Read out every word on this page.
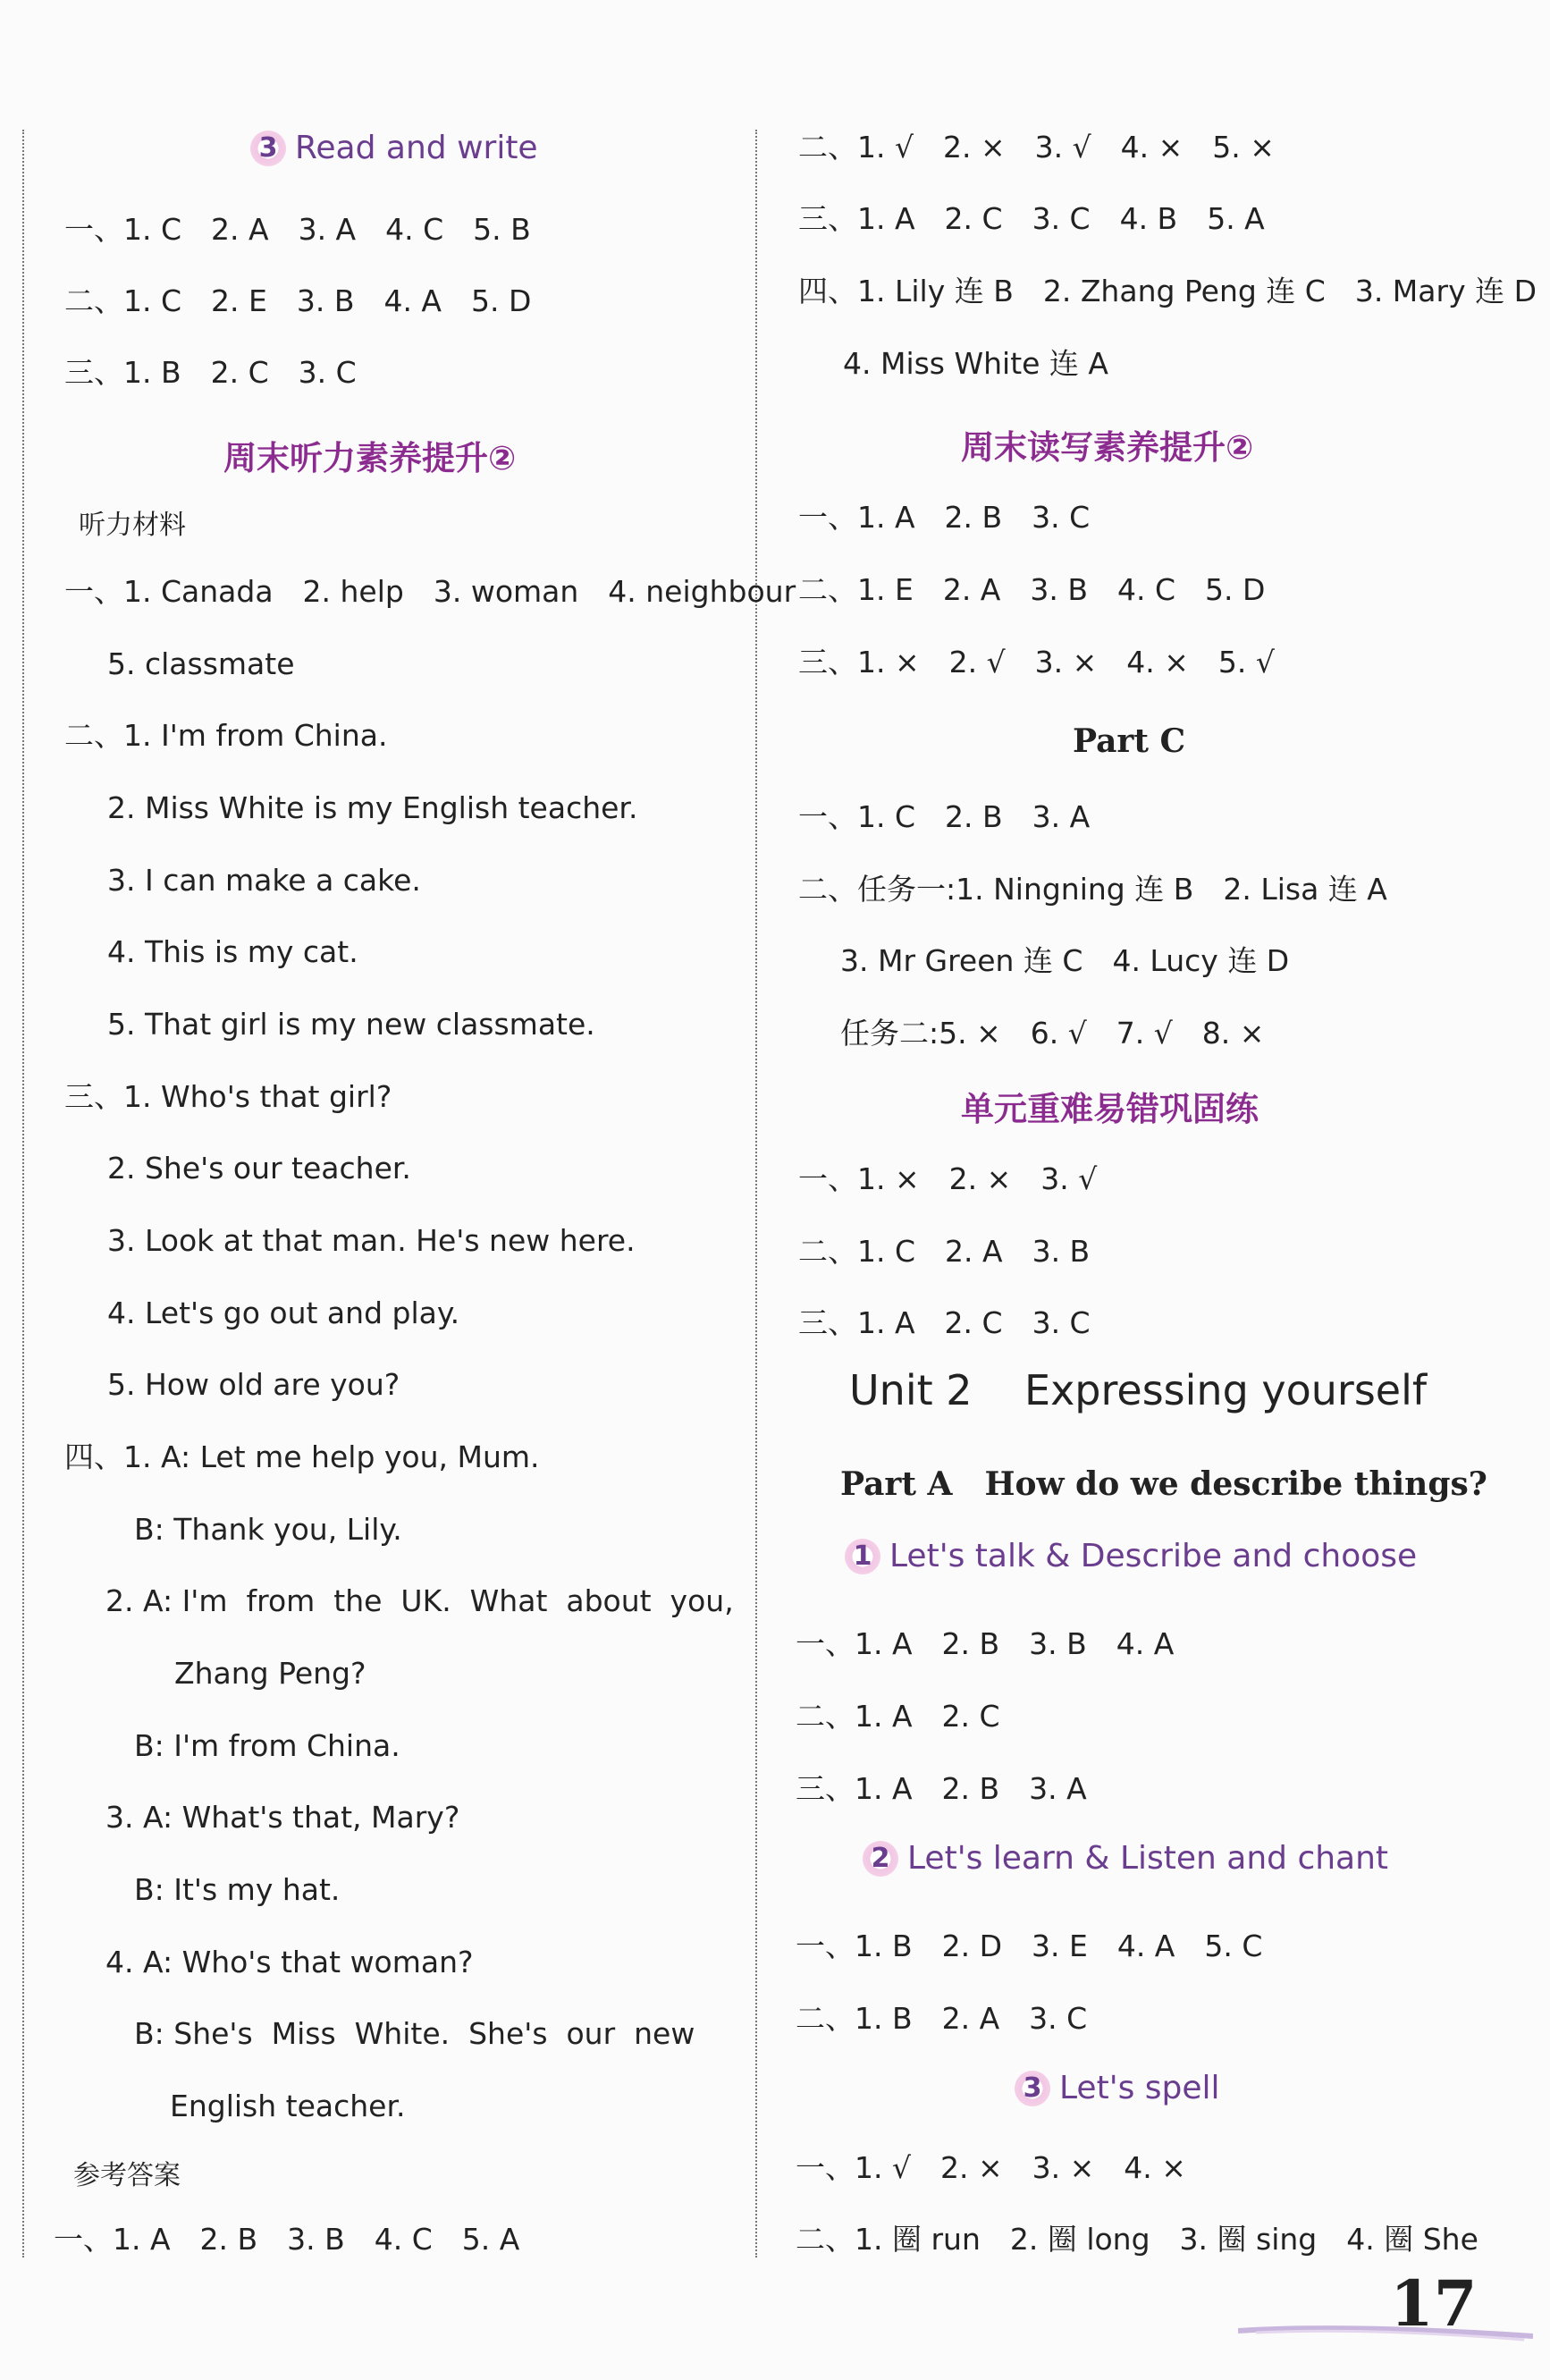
3 Read and write
一、1. C　2. A　3. A　4. C　5. B
二、1. C　2. E　3. B　4. A　5. D
三、1. B　2. C　3. C
周末听力素养提升②
听力材料
一、1. Canada　2. help　3. woman　4. neighbour
5. classmate
二、1. I'm from China.
2. Miss White is my English teacher.
3. I can make a cake.
4. This is my cat.
5. That girl is my new classmate.
三、1. Who's that girl?
2. She's our teacher.
3. Look at that man. He's new here.
4. Let's go out and play.
5. How old are you?
四、1. A: Let me help you, Mum.
B: Thank you, Lily.
2. A: I'm  from  the  UK.  What  about  you,
Zhang Peng?
B: I'm from China.
3. A: What's that, Mary?
B: It's my hat.
4. A: Who's that woman?
B: She's  Miss  White.  She's  our  new
English teacher.
参考答案
一、1. A　2. B　3. B　4. C　5. A
二、1. √　2. ×　3. √　4. ×　5. ×
三、1. A　2. C　3. C　4. B　5. A
四、1. Lily 连 B　2. Zhang Peng 连 C　3. Mary 连 D
4. Miss White 连 A
周末读写素养提升②
一、1. A　2. B　3. C
二、1. E　2. A　3. B　4. C　5. D
三、1. ×　2. √　3. ×　4. ×　5. √
Part C
一、1. C　2. B　3. A
二、任务一:1. Ningning 连 B　2. Lisa 连 A
3. Mr Green 连 C　4. Lucy 连 D
任务二:5. ×　6. √　7. √　8. ×
单元重难易错巩固练
一、1. ×　2. ×　3. √
二、1. C　2. A　3. B
三、1. A　2. C　3. C
Unit 2    Expressing yourself
Part A　How do we describe things?
1 Let's talk & Describe and choose
一、1. A　2. B　3. B　4. A
二、1. A　2. C
三、1. A　2. B　3. A
2 Let's learn & Listen and chant
一、1. B　2. D　3. E　4. A　5. C
二、1. B　2. A　3. C
3 Let's spell
一、1. √　2. ×　3. ×　4. ×
二、1. 圈 run　2. 圈 long　3. 圈 sing　4. 圈 She
17
